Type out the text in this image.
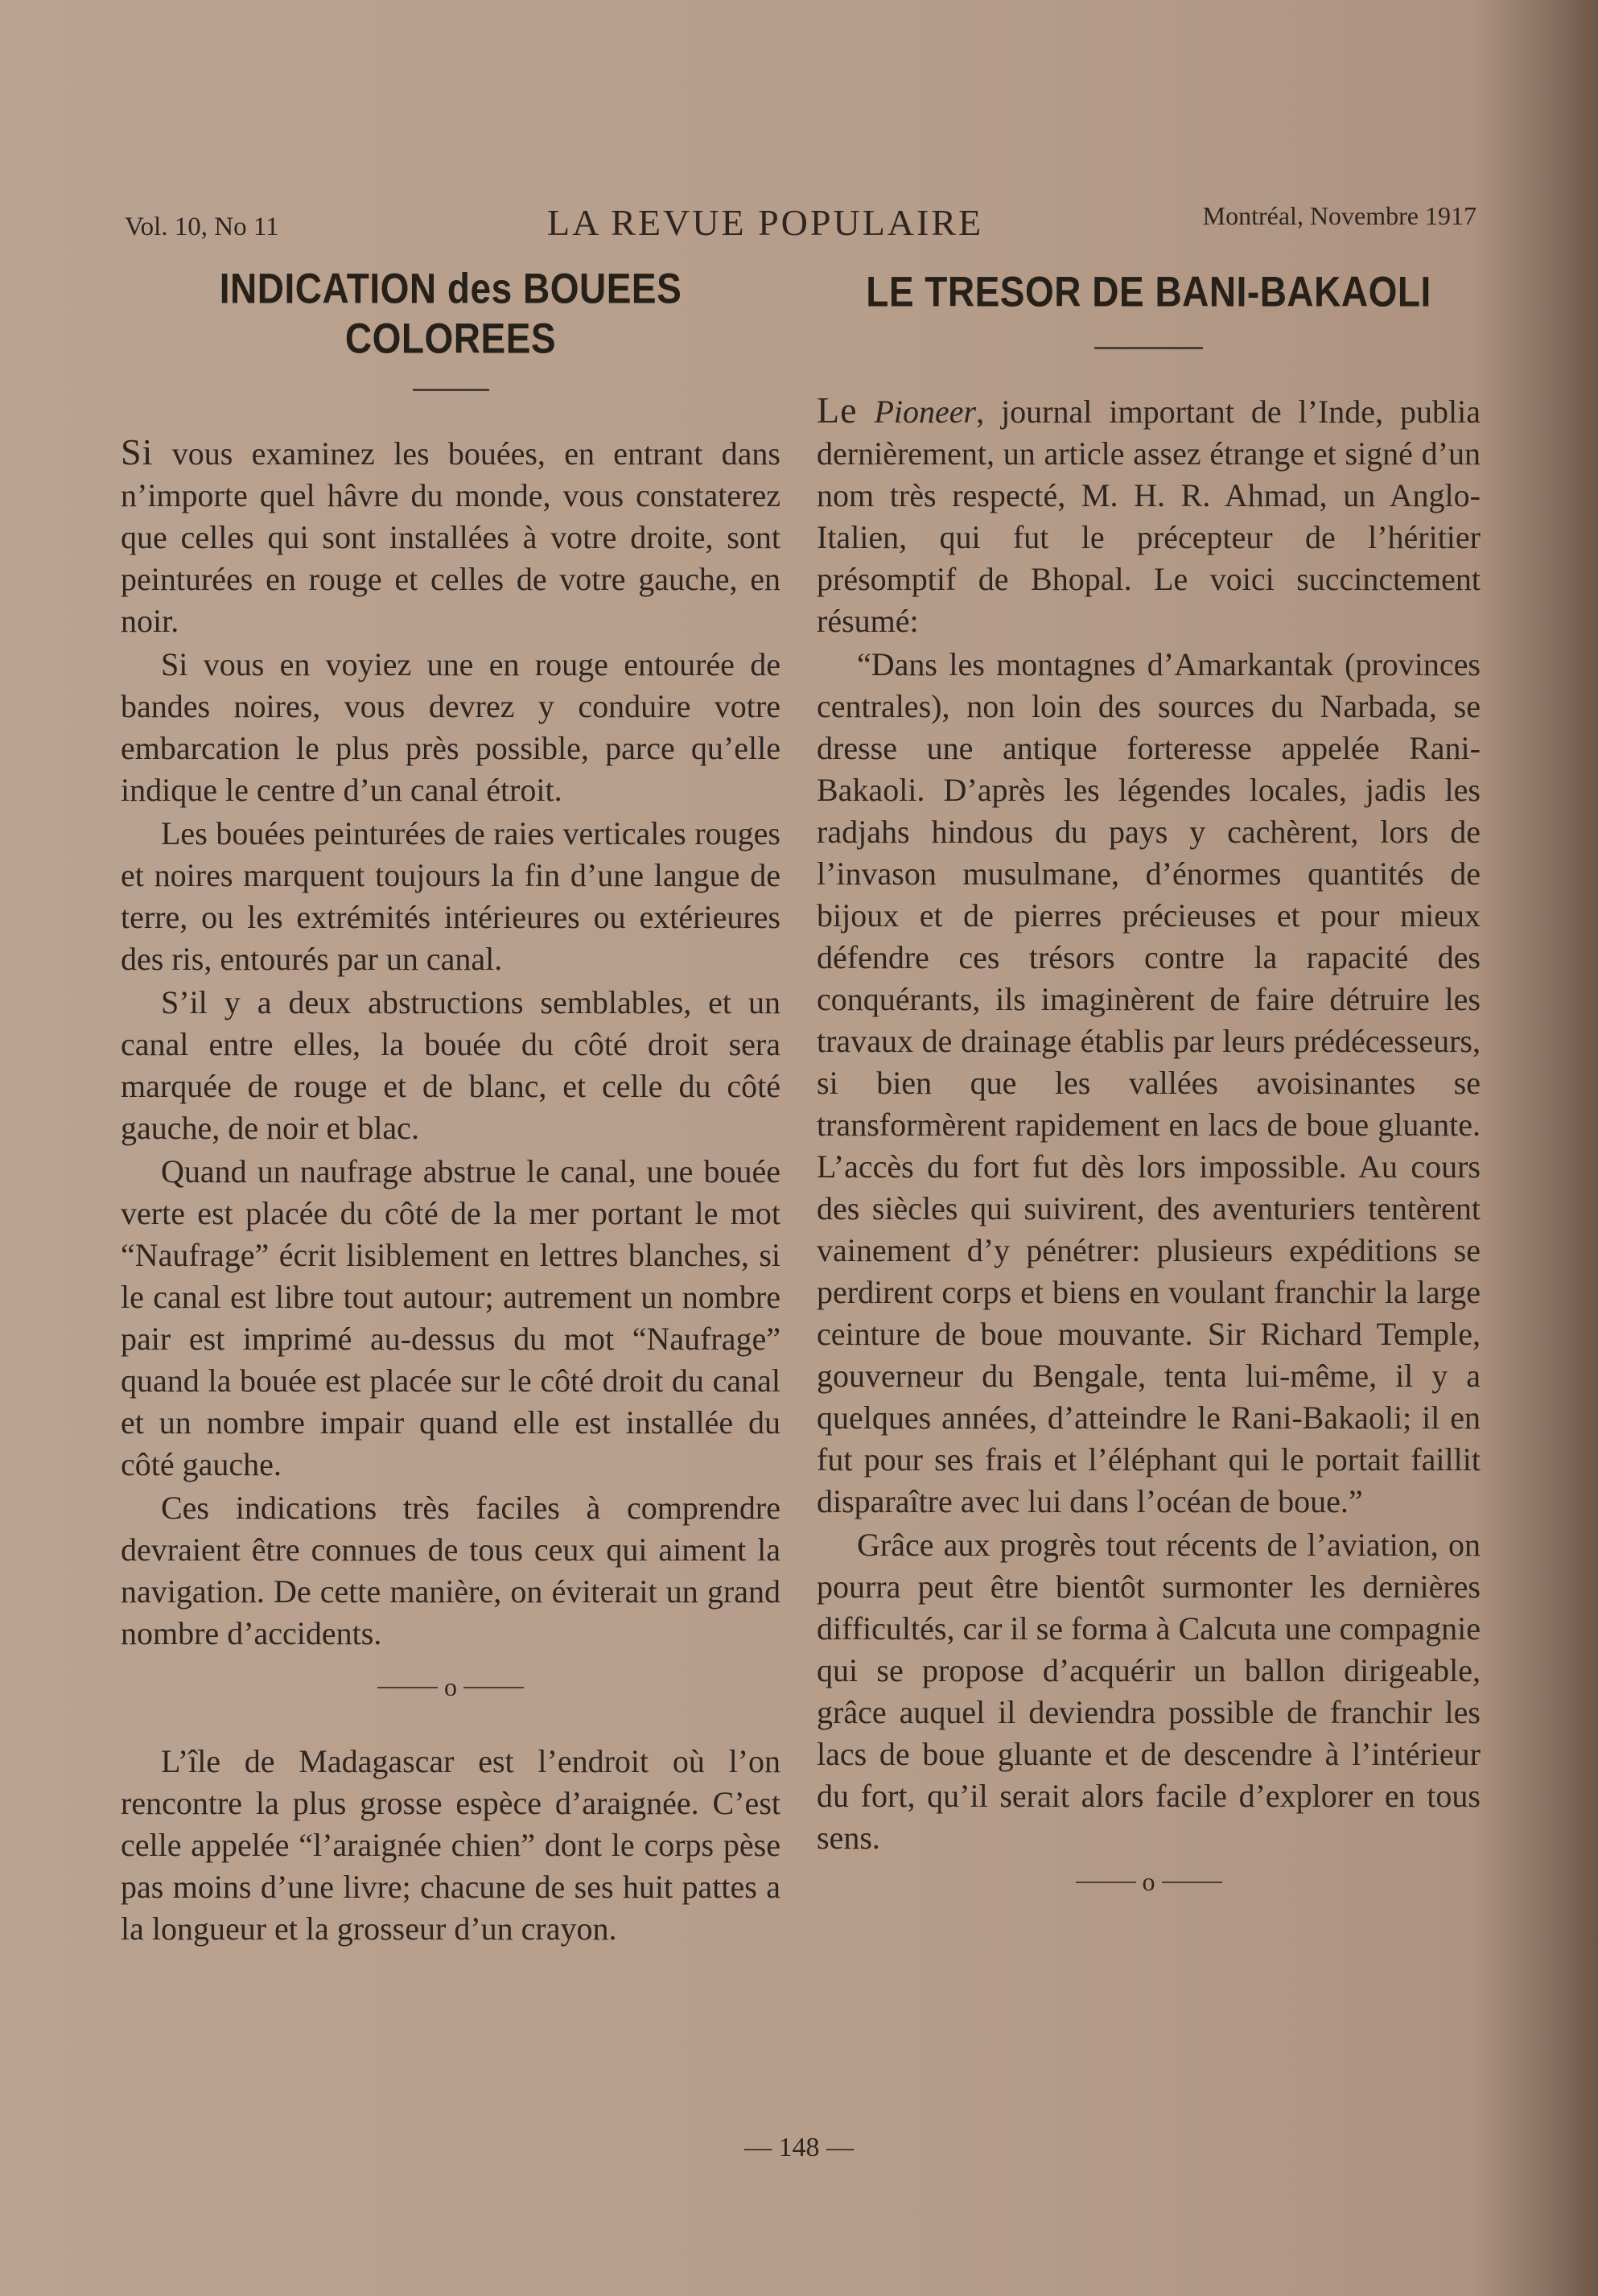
Vol. 10, No 11	LA REVUE POPULAIRE	Montréal, Novembre 1917
INDICATION des BOUEES COLOREES

Si vous examinez les bouées, en entrant dans n’importe quel hâvre du monde, vous constaterez que celles qui sont installées à votre droite, sont peinturées en rouge et celles de votre gauche, en noir.

Si vous en voyiez une en rouge entourée de bandes noires, vous devrez y conduire votre embarcation le plus près possible, parce qu’elle indique le centre d’un canal étroit.

Les bouées peinturées de raies verticales rouges et noires marquent toujours la fin d’une langue de terre, ou les extrémités intérieures ou extérieures des ris, entourés par un canal.

S’il y a deux abstructions semblables, et un canal entre elles, la bouée du côté droit sera marquée de rouge et de blanc, et celle du côté gauche, de noir et blac.

Quand un naufrage abstrue le canal, une bouée verte est placée du côté de la mer portant le mot “Naufrage” écrit lisiblement en lettres blanches, si le canal est libre tout autour; autrement un nombre pair est imprimé au-dessus du mot “Naufrage” quand la bouée est placée sur le côté droit du canal et un nombre impair quand elle est installée du côté gauche.

Ces indications très faciles à comprendre devraient être connues de tous ceux qui aiment la navigation. De cette manière, on éviterait un grand nombre d’accidents.

o

L’île de Madagascar est l’endroit où l’on rencontre la plus grosse espèce d’araignée. C’est celle appelée “l’araignée chien” dont le corps pèse pas moins d’une livre; chacune de ses huit pattes a la longueur et la grosseur d’un crayon.

LE TRESOR DE BANI-BAKAOLI

Le Pioneer, journal important de l’Inde, publia dernièrement, un article assez étrange et signé d’un nom très respecté, M. H. R. Ahmad, un Anglo-Italien, qui fut le précepteur de l’héritier présomptif de Bhopal. Le voici succinctement résumé:

“Dans les montagnes d’Amarkantak (provinces centrales), non loin des sources du Narbada, se dresse une antique forteresse appelée Rani-Bakaoli. D’après les légendes locales, jadis les radjahs hindous du pays y cachèrent, lors de l’invason musulmane, d’énormes quantités de bijoux et de pierres précieuses et pour mieux défendre ces trésors contre la rapacité des conquérants, ils imaginèrent de faire détruire les travaux de drainage établis par leurs prédécesseurs, si bien que les vallées avoisinantes se transformèrent rapidement en lacs de boue gluante. L’accès du fort fut dès lors impossible. Au cours des siècles qui suivirent, des aventuriers tentèrent vainement d’y pénétrer: plusieurs expéditions se perdirent corps et biens en voulant franchir la large ceinture de boue mouvante. Sir Richard Temple, gouverneur du Bengale, tenta lui-même, il y a quelques années, d’atteindre le Rani-Bakaoli; il en fut pour ses frais et l’éléphant qui le portait faillit disparaître avec lui dans l’océan de boue.”

Grâce aux progrès tout récents de l’aviation, on pourra peut être bientôt surmonter les dernières difficultés, car il se forma à Calcuta une compagnie qui se propose d’acquérir un ballon dirigeable, grâce auquel il deviendra possible de franchir les lacs de boue gluante et de descendre à l’intérieur du fort, qu’il serait alors facile d’explorer en tous sens.

o
— 148 —
